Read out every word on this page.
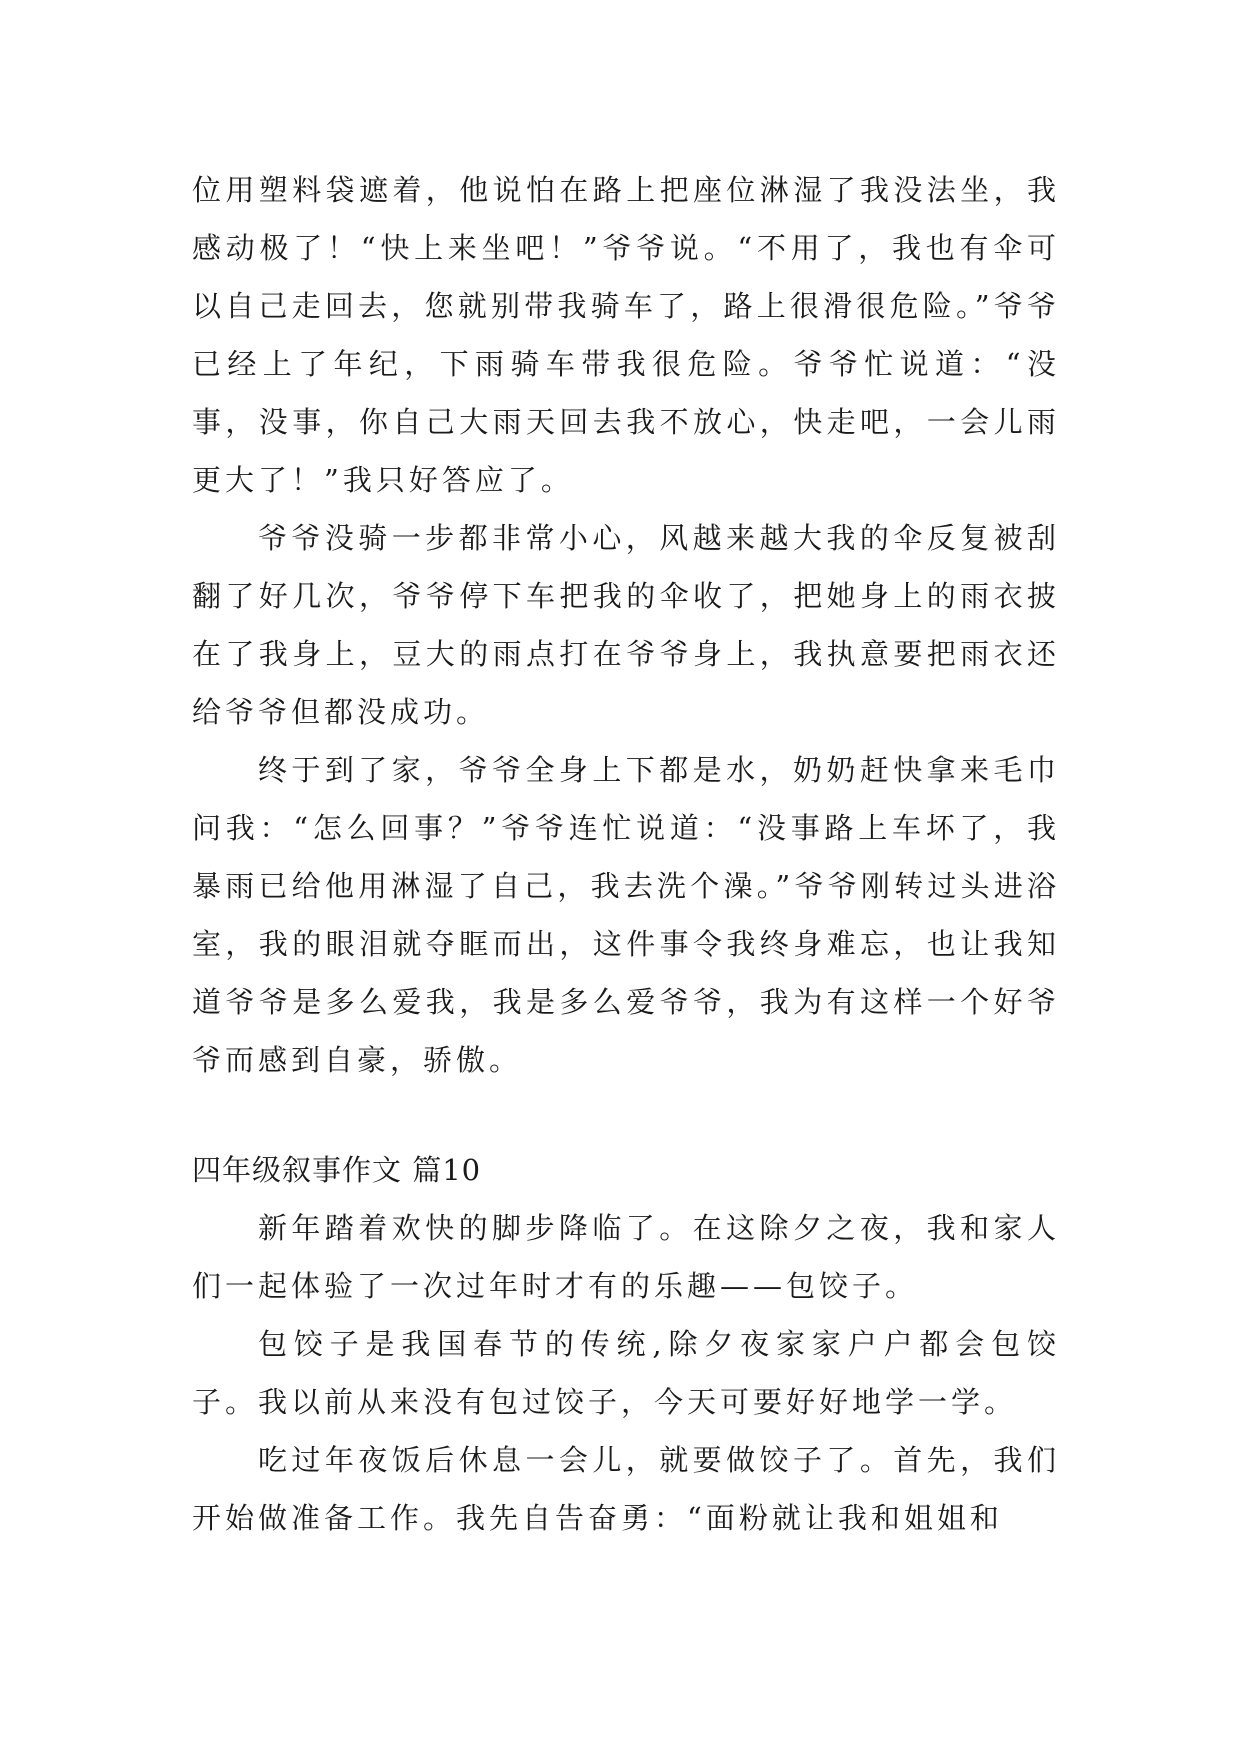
位用塑料袋遮着，他说怕在路上把座位淋湿了我没法坐，我感动极了！“快上来坐吧！”爷爷说。“不用了，我也有伞可以自己走回去，您就别带我骑车了，路上很滑很危险。”爷爷已经上了年纪，下雨骑车带我很危险。爷爷忙说道：“没事，没事，你自己大雨天回去我不放心，快走吧，一会儿雨更大了！”我只好答应了。

爷爷没骑一步都非常小心，风越来越大我的伞反复被刮翻了好几次，爷爷停下车把我的伞收了，把她身上的雨衣披在了我身上，豆大的雨点打在爷爷身上，我执意要把雨衣还给爷爷但都没成功。

终于到了家，爷爷全身上下都是水，奶奶赶快拿来毛巾问我：“怎么回事？”爷爷连忙说道：“没事路上车坏了，我暴雨已给他用淋湿了自己，我去洗个澡。”爷爷刚转过头进浴室，我的眼泪就夺眶而出，这件事令我终身难忘，也让我知道爷爷是多么爱我，我是多么爱爷爷，我为有这样一个好爷爷而感到自豪，骄傲。

四年级叙事作文 篇10

新年踏着欢快的脚步降临了。在这除夕之夜，我和家人们一起体验了一次过年时才有的乐趣——包饺子。

包饺子是我国春节的传统,除夕夜家家户户都会包饺子。我以前从来没有包过饺子，今天可要好好地学一学。

吃过年夜饭后休息一会儿，就要做饺子了。首先，我们开始做准备工作。我先自告奋勇：“面粉就让我和姐姐和
